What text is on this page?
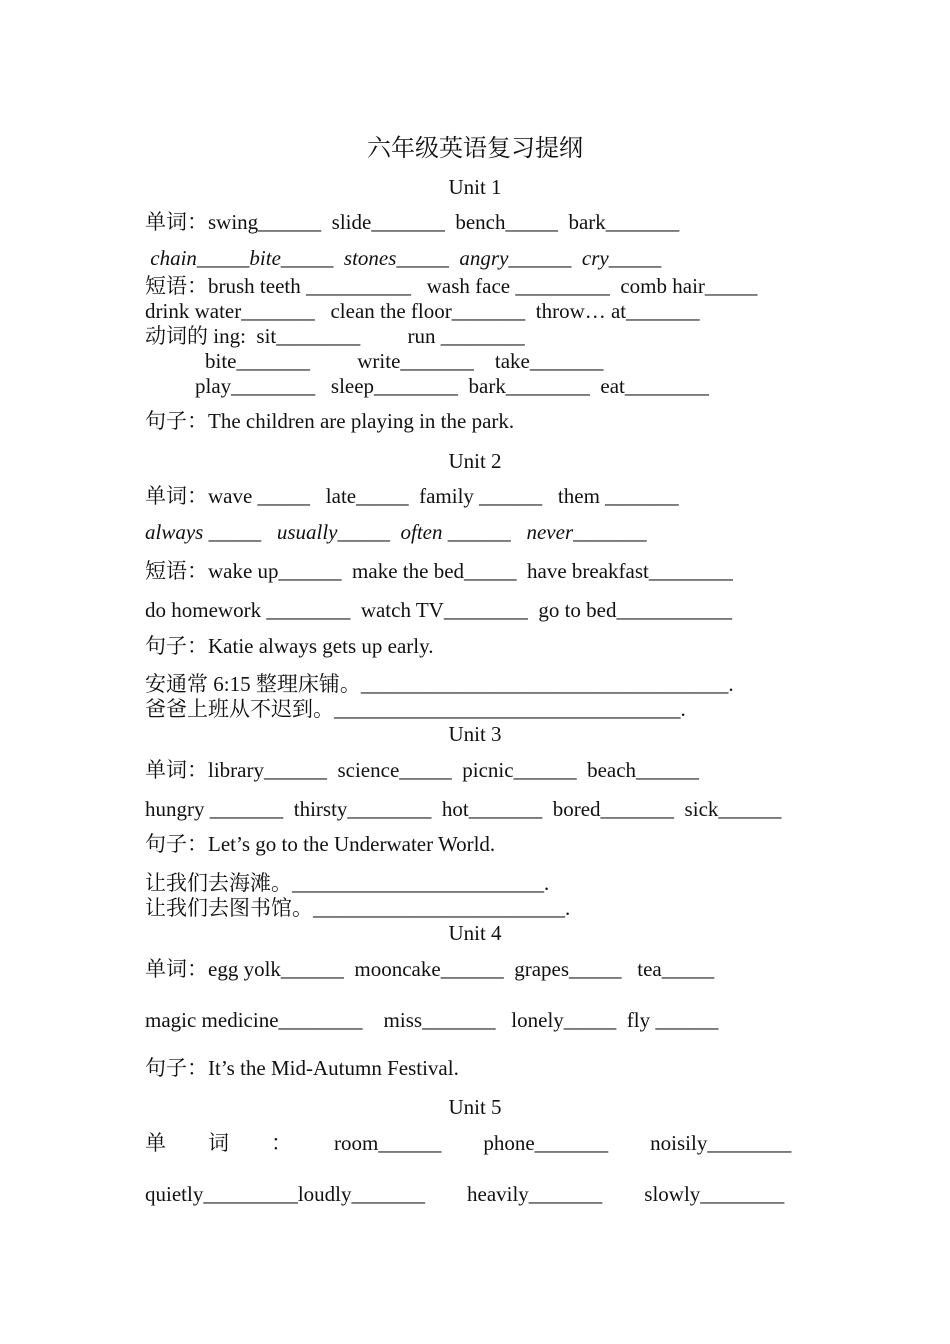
六年级英语复习提纲
Unit 1
单词：swing______  slide_______  bench_____  bark_______
chain_____bite_____  stones_____  angry______  cry_____
短语：brush teeth __________   wash face _________  comb hair_____
drink water_______   clean the floor_______  throw… at_______
动词的 ing:  sit________         run ________
bite_______         write_______    take_______
play________   sleep________  bark________  eat________
句子：The children are playing in the park.
Unit 2
单词：wave _____   late_____  family ______   them _______
always _____   usually_____  often ______   never_______
短语：wake up______  make the bed_____  have breakfast________
do homework ________  watch TV________  go to bed___________
句子：Katie always gets up early.
安通常 6:15 整理床铺。___________________________________.
爸爸上班从不迟到。_________________________________.
Unit 3
单词：library______  science_____  picnic______  beach______
hungry _______  thirsty________  hot_______  bored_______  sick______
句子：Let’s go to the Underwater World.
让我们去海滩。________________________.
让我们去图书馆。________________________.
Unit 4
单词：egg yolk______  mooncake______  grapes_____   tea_____
magic medicine________    miss_______   lonely_____  fly ______
句子：It’s the Mid-Autumn Festival.
Unit 5
单        词        ：        room______        phone_______        noisily________
quietly_________loudly_______        heavily_______        slowly________
